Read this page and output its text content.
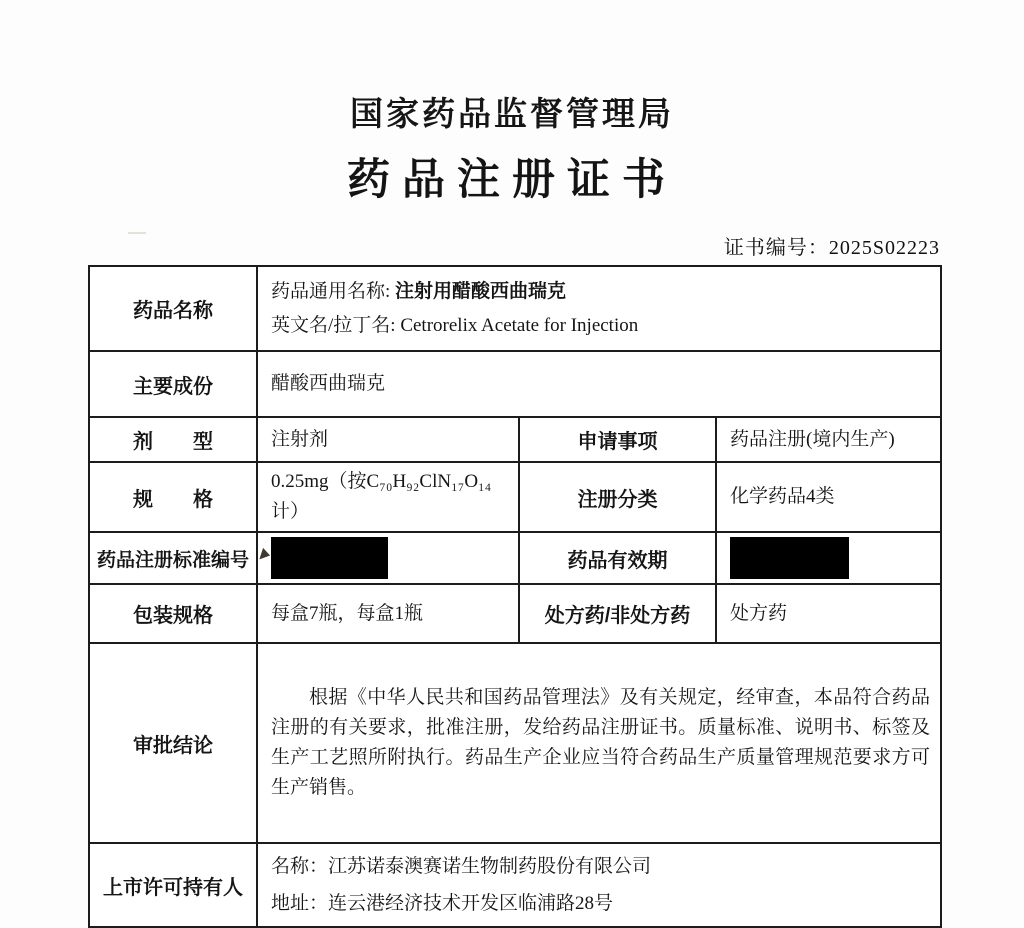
国家药品监督管理局
药品注册证书
证书编号：2025S02223
药品名称	药品通用名称: 注射用醋酸西曲瑞克
英文名/拉丁名: Cetrorelix Acetate for Injection		

主要成份	醋酸西曲瑞克		
剂　　型	注射剂	申请事项	药品注册(境内生产)
规　　格	0.25mg（按C₇₀H₉₂ClN₁₇O₁₄计）	注册分类	化学药品4类
药品注册标准编号		药品有效期	

包装规格	每盒7瓶，每盒1瓶	处方药/非处方药	处方药
审批结论	根据《中华人民共和国药品管理法》及有关规定，经审查，本品符合药品注册的有关要求，批准注册，发给药品注册证书。质量标准、说明书、标签及生产工艺照所附执行。药品生产企业应当符合药品生产质量管理规范要求方可生产销售。		

上市许可持有人	名称：江苏诺泰澳赛诺生物制药股份有限公司
地址：连云港经济技术开发区临浦路28号		
